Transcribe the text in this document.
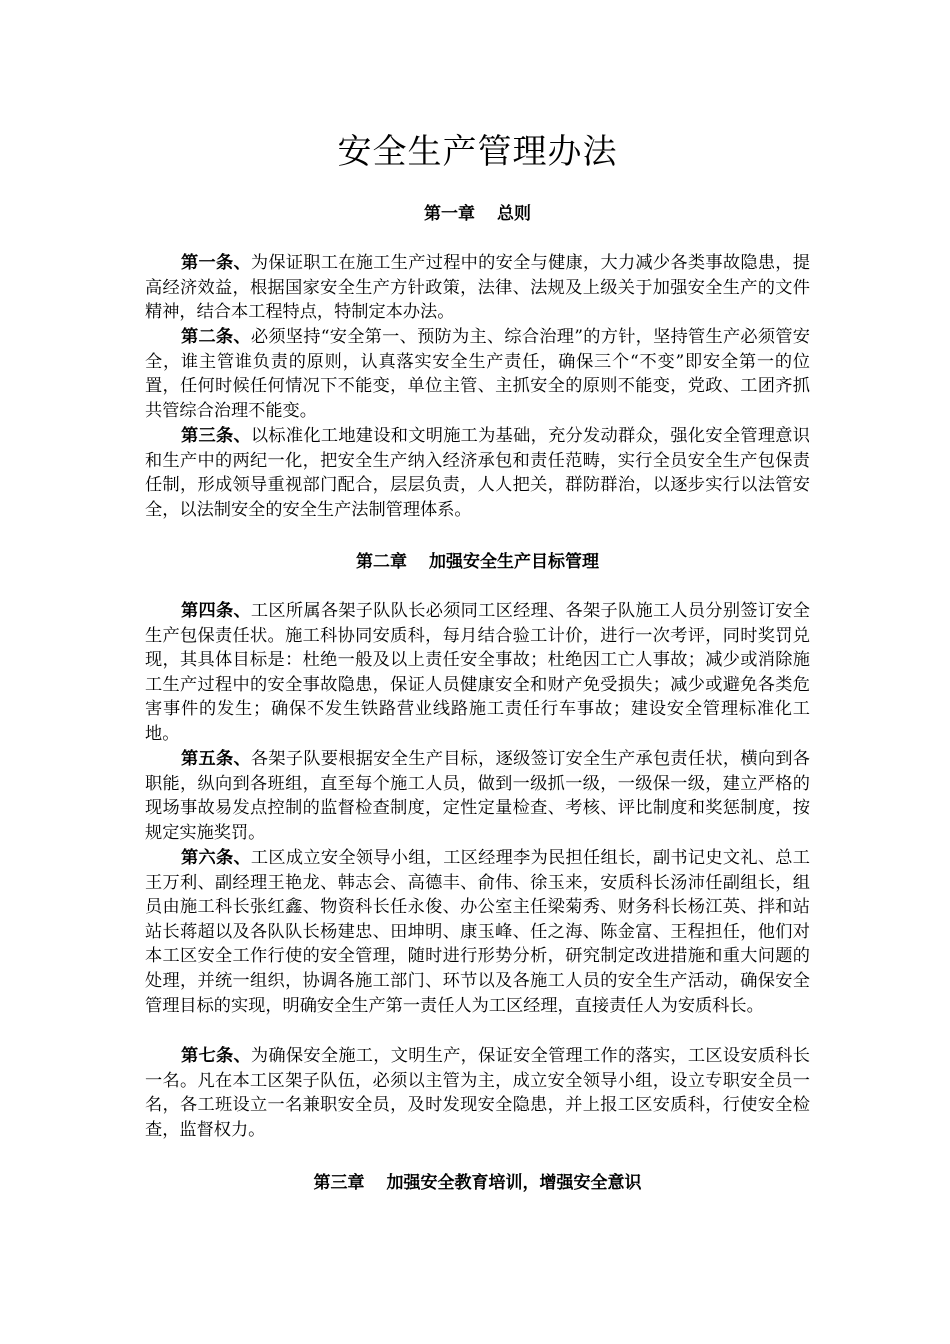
安全生产管理办法
第一章 总则

第一条、为保证职工在施工生产过程中的安全与健康，大力减少各类事故隐患，提高经济效益，根据国家安全生产方针政策，法律、法规及上级关于加强安全生产的文件精神，结合本工程特点，特制定本办法。

第二条、必须坚持“安全第一、预防为主、综合治理”的方针，坚持管生产必须管安全，谁主管谁负责的原则，认真落实安全生产责任，确保三个“不变”即安全第一的位置，任何时候任何情况下不能变，单位主管、主抓安全的原则不能变，党政、工团齐抓共管综合治理不能变。

第三条、以标准化工地建设和文明施工为基础，充分发动群众，强化安全管理意识和生产中的两纪一化，把安全生产纳入经济承包和责任范畴，实行全员安全生产包保责任制，形成领导重视部门配合，层层负责，人人把关，群防群治，以逐步实行以法管安全，以法制安全的安全生产法制管理体系。

第二章 加强安全生产目标管理

第四条、工区所属各架子队队长必须同工区经理、各架子队施工人员分别签订安全生产包保责任状。施工科协同安质科，每月结合验工计价，进行一次考评，同时奖罚兑现，其具体目标是：杜绝一般及以上责任安全事故；杜绝因工亡人事故；减少或消除施工生产过程中的安全事故隐患，保证人员健康安全和财产免受损失；减少或避免各类危害事件的发生；确保不发生铁路营业线路施工责任行车事故；建设安全管理标准化工地。

第五条、各架子队要根据安全生产目标，逐级签订安全生产承包责任状，横向到各职能，纵向到各班组，直至每个施工人员，做到一级抓一级，一级保一级，建立严格的现场事故易发点控制的监督检查制度，定性定量检查、考核、评比制度和奖惩制度，按规定实施奖罚。

第六条、工区成立安全领导小组，工区经理李为民担任组长，副书记史文礼、总工王万利、副经理王艳龙、韩志会、高德丰、俞伟、徐玉来，安质科长汤沛任副组长，组员由施工科长张红鑫、物资科长任永俊、办公室主任梁菊秀、财务科长杨江英、拌和站站长蒋超以及各队队长杨建忠、田坤明、康玉峰、任之海、陈金富、王程担任，他们对本工区安全工作行使的安全管理，随时进行形势分析，研究制定改进措施和重大问题的处理，并统一组织，协调各施工部门、环节以及各施工人员的安全生产活动，确保安全管理目标的实现，明确安全生产第一责任人为工区经理，直接责任人为安质科长。

第七条、为确保安全施工，文明生产，保证安全管理工作的落实，工区设安质科长一名。凡在本工区架子队伍，必须以主管为主，成立安全领导小组，设立专职安全员一名，各工班设立一名兼职安全员，及时发现安全隐患，并上报工区安质科，行使安全检查，监督权力。

第三章 加强安全教育培训，增强安全意识
